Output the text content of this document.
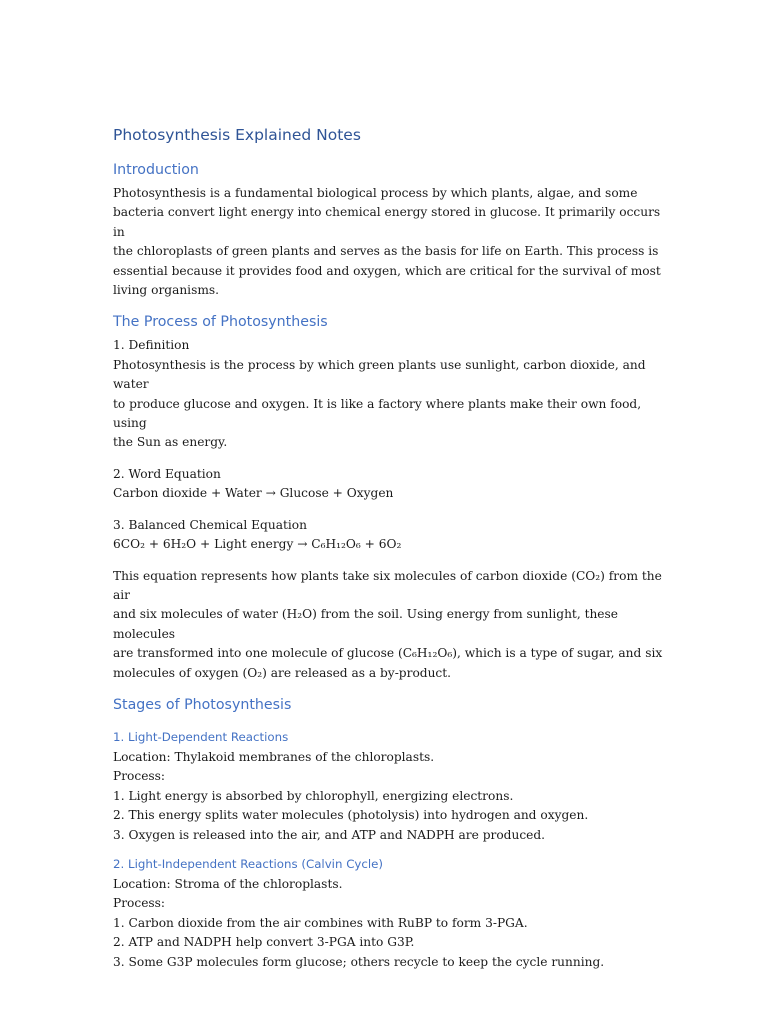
Photosynthesis Explained Notes
Introduction

Photosynthesis is a fundamental biological process by which plants, algae, and some

bacteria convert light energy into chemical energy stored in glucose. It primarily occurs in

the chloroplasts of green plants and serves as the basis for life on Earth. This process is

essential because it provides food and oxygen, which are critical for the survival of most

living organisms.

The Process of Photosynthesis

1. Definition

Photosynthesis is the process by which green plants use sunlight, carbon dioxide, and water

to produce glucose and oxygen. It is like a factory where plants make their own food, using

the Sun as energy.

2. Word Equation

Carbon dioxide + Water → Glucose + Oxygen

3. Balanced Chemical Equation

6CO₂ + 6H₂O + Light energy → C₆H₁₂O₆ + 6O₂

This equation represents how plants take six molecules of carbon dioxide (CO₂) from the air

and six molecules of water (H₂O) from the soil. Using energy from sunlight, these molecules

are transformed into one molecule of glucose (C₆H₁₂O₆), which is a type of sugar, and six

molecules of oxygen (O₂) are released as a by-product.

Stages of Photosynthesis
1. Light-Dependent Reactions

Location: Thylakoid membranes of the chloroplasts.

Process:

1. Light energy is absorbed by chlorophyll, energizing electrons.

2. This energy splits water molecules (photolysis) into hydrogen and oxygen.

3. Oxygen is released into the air, and ATP and NADPH are produced.

2. Light-Independent Reactions (Calvin Cycle)

Location: Stroma of the chloroplasts.

Process:

1. Carbon dioxide from the air combines with RuBP to form 3-PGA.

2. ATP and NADPH help convert 3-PGA into G3P.

3. Some G3P molecules form glucose; others recycle to keep the cycle running.
